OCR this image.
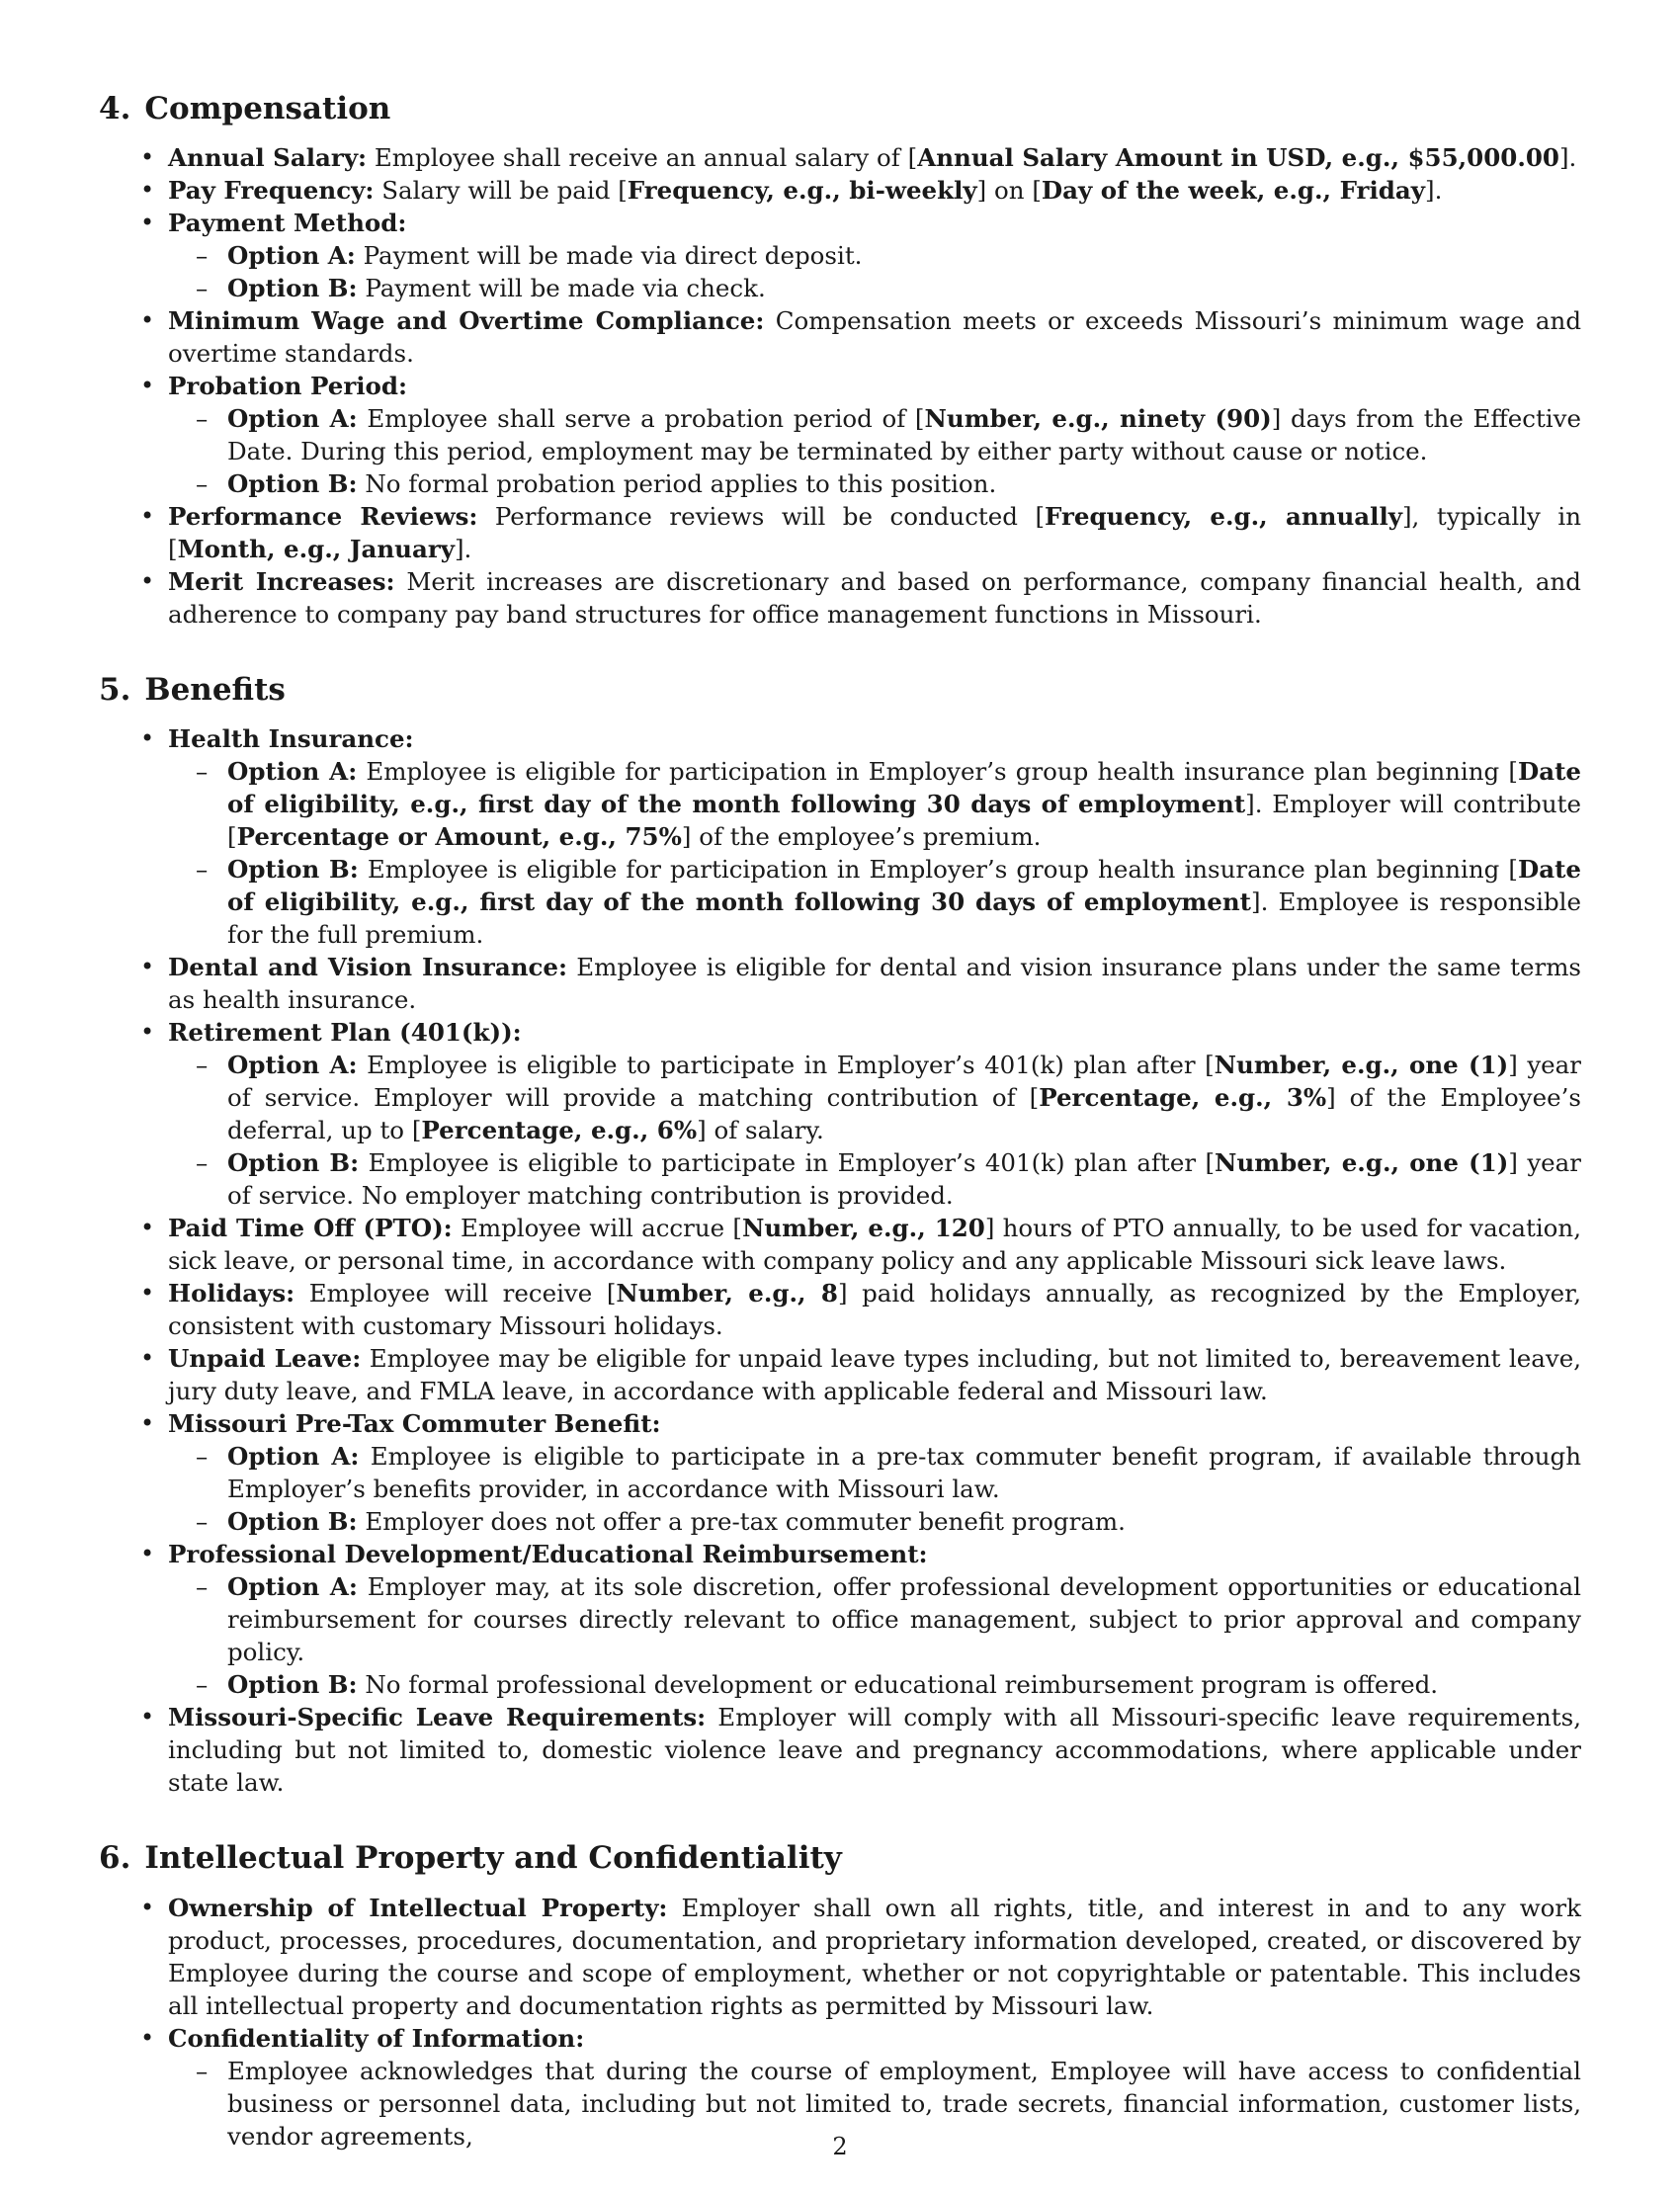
4. Compensation
• Annual Salary: Employee shall receive an annual salary of [Annual Salary Amount in USD, e.g., $55,000.00].
• Pay Frequency: Salary will be paid [Frequency, e.g., bi-weekly] on [Day of the week, e.g., Friday].
• Payment Method:
– Option A: Payment will be made via direct deposit.
– Option B: Payment will be made via check.
• Minimum Wage and Overtime Compliance: Compensation meets or exceeds Missouri’s minimum wage and overtime standards.
• Probation Period:
– Option A: Employee shall serve a probation period of [Number, e.g., ninety (90)] days from the Effective Date. During this period, employment may be terminated by either party without cause or notice.
– Option B: No formal probation period applies to this position.
• Performance Reviews: Performance reviews will be conducted [Frequency, e.g., annually], typically in [Month, e.g., January].
• Merit Increases: Merit increases are discretionary and based on performance, company financial health, and adherence to company pay band structures for office management functions in Missouri.
5. Benefits
• Health Insurance:
– Option A: Employee is eligible for participation in Employer’s group health insurance plan beginning [Date of eligibility, e.g., first day of the month following 30 days of employment]. Employer will contribute [Percentage or Amount, e.g., 75%] of the employee’s premium.
– Option B: Employee is eligible for participation in Employer’s group health insurance plan beginning [Date of eligibility, e.g., first day of the month following 30 days of employment]. Employee is responsible for the full premium.
• Dental and Vision Insurance: Employee is eligible for dental and vision insurance plans under the same terms as health insurance.
• Retirement Plan (401(k)):
– Option A: Employee is eligible to participate in Employer’s 401(k) plan after [Number, e.g., one (1)] year of service. Employer will provide a matching contribution of [Percentage, e.g., 3%] of the Employee’s deferral, up to [Percentage, e.g., 6%] of salary.
– Option B: Employee is eligible to participate in Employer’s 401(k) plan after [Number, e.g., one (1)] year of service. No employer matching contribution is provided.
• Paid Time Off (PTO): Employee will accrue [Number, e.g., 120] hours of PTO annually, to be used for vacation, sick leave, or personal time, in accordance with company policy and any applicable Missouri sick leave laws.
• Holidays: Employee will receive [Number, e.g., 8] paid holidays annually, as recognized by the Employer, consistent with customary Missouri holidays.
• Unpaid Leave: Employee may be eligible for unpaid leave types including, but not limited to, bereavement leave, jury duty leave, and FMLA leave, in accordance with applicable federal and Missouri law.
• Missouri Pre-Tax Commuter Benefit:
– Option A: Employee is eligible to participate in a pre-tax commuter benefit program, if available through Employer’s benefits provider, in accordance with Missouri law.
– Option B: Employer does not offer a pre-tax commuter benefit program.
• Professional Development/Educational Reimbursement:
– Option A: Employer may, at its sole discretion, offer professional development opportunities or educational reimbursement for courses directly relevant to office management, subject to prior approval and company policy.
– Option B: No formal professional development or educational reimbursement program is offered.
• Missouri-Specific Leave Requirements: Employer will comply with all Missouri-specific leave requirements, including but not limited to, domestic violence leave and pregnancy accommodations, where applicable under state law.
6. Intellectual Property and Confidentiality
• Ownership of Intellectual Property: Employer shall own all rights, title, and interest in and to any work product, processes, procedures, documentation, and proprietary information developed, created, or discovered by Employee during the course and scope of employment, whether or not copyrightable or patentable. This includes all intellectual property and documentation rights as permitted by Missouri law.
• Confidentiality of Information:
– Employee acknowledges that during the course of employment, Employee will have access to confidential business or personnel data, including but not limited to, trade secrets, financial information, customer lists, vendor agreements,	2
